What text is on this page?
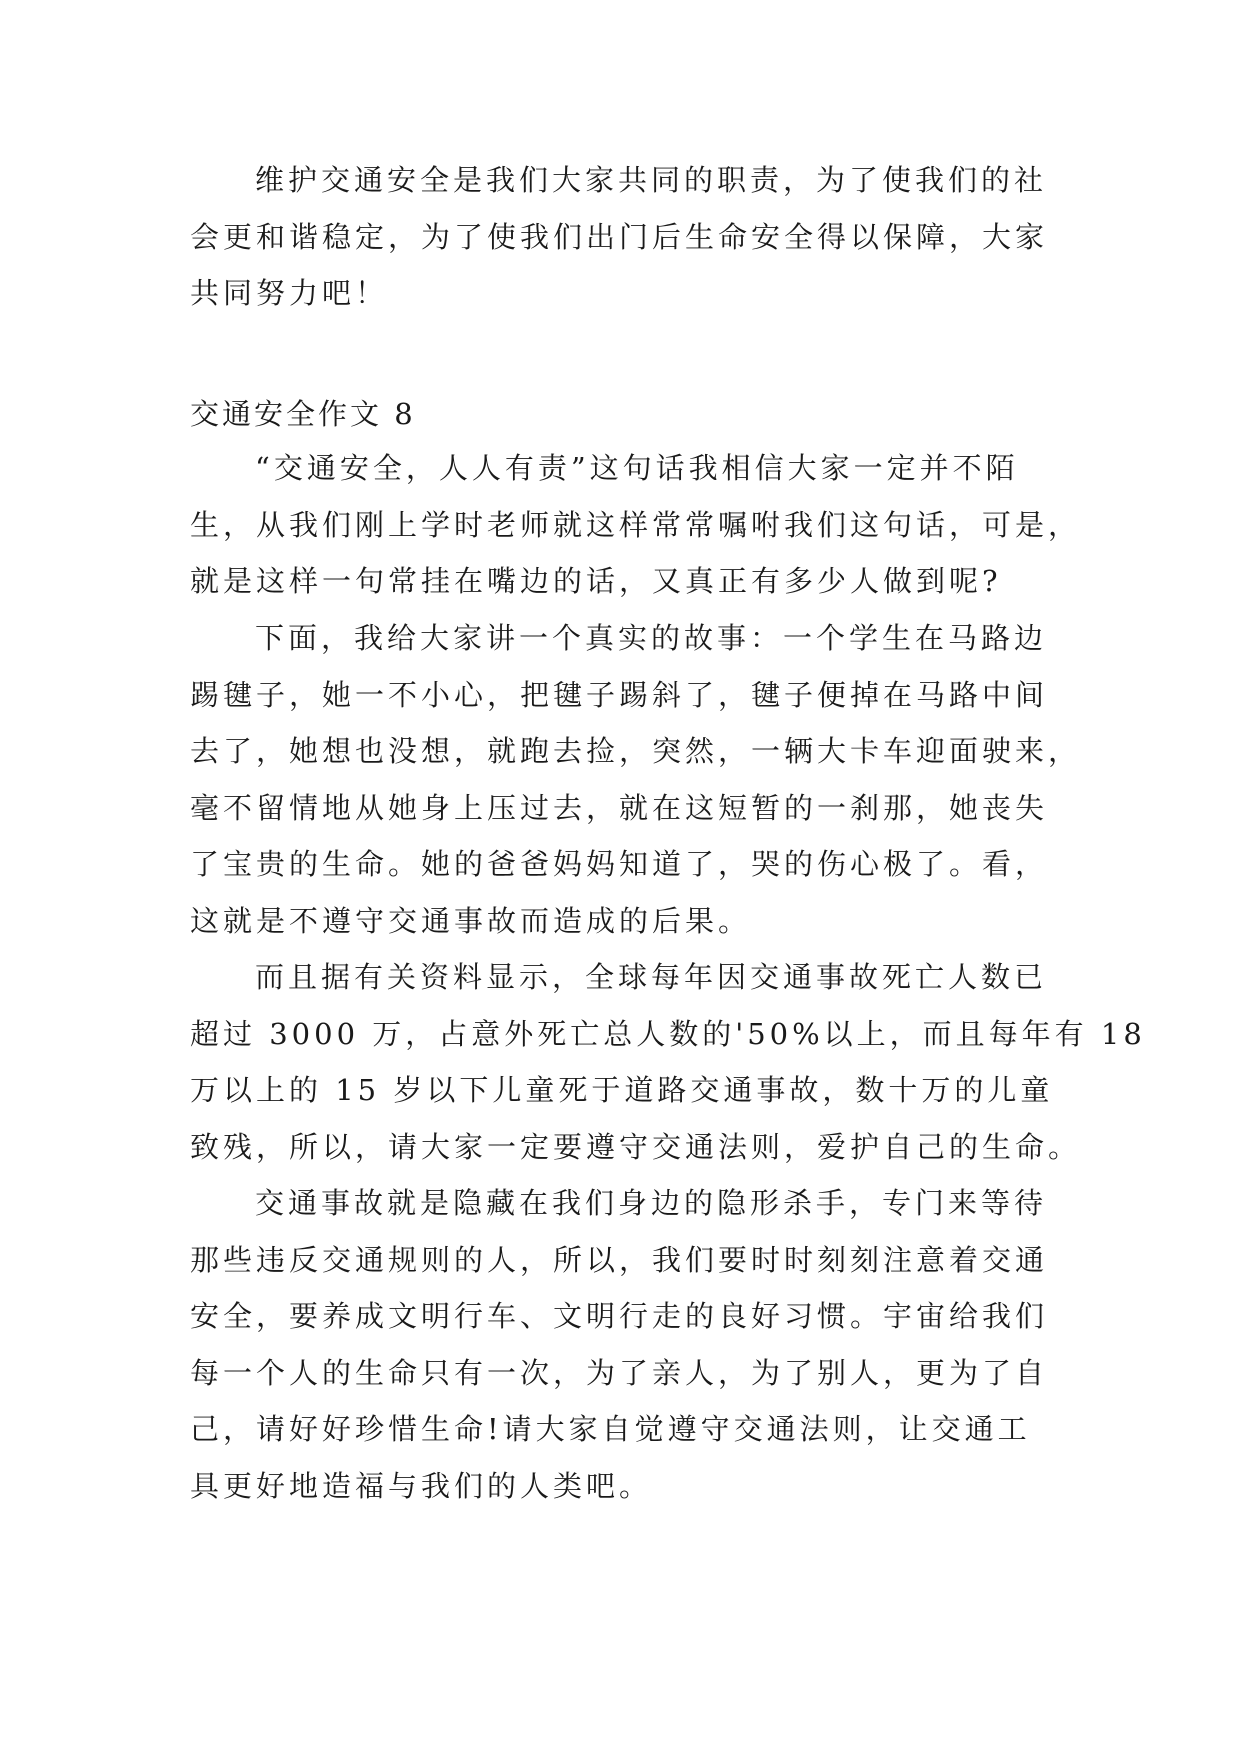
维护交通安全是我们大家共同的职责，为了使我们的社
会更和谐稳定，为了使我们出门后生命安全得以保障，大家
共同努力吧！
交通安全作文 8
“交通安全，人人有责”这句话我相信大家一定并不陌
生，从我们刚上学时老师就这样常常嘱咐我们这句话，可是，
就是这样一句常挂在嘴边的话，又真正有多少人做到呢?
下面，我给大家讲一个真实的故事：一个学生在马路边
踢毽子，她一不小心，把毽子踢斜了，毽子便掉在马路中间
去了，她想也没想，就跑去捡，突然，一辆大卡车迎面驶来，
毫不留情地从她身上压过去，就在这短暂的一刹那，她丧失
了宝贵的生命。她的爸爸妈妈知道了，哭的伤心极了。看，
这就是不遵守交通事故而造成的后果。
而且据有关资料显示，全球每年因交通事故死亡人数已
超过 3000 万，占意外死亡总人数的'50%以上，而且每年有 18
万以上的 15 岁以下儿童死于道路交通事故，数十万的儿童
致残，所以，请大家一定要遵守交通法则，爱护自己的生命。
交通事故就是隐藏在我们身边的隐形杀手，专门来等待
那些违反交通规则的人，所以，我们要时时刻刻注意着交通
安全，要养成文明行车、文明行走的良好习惯。宇宙给我们
每一个人的生命只有一次，为了亲人，为了别人，更为了自
己，请好好珍惜生命!请大家自觉遵守交通法则，让交通工
具更好地造福与我们的人类吧。
